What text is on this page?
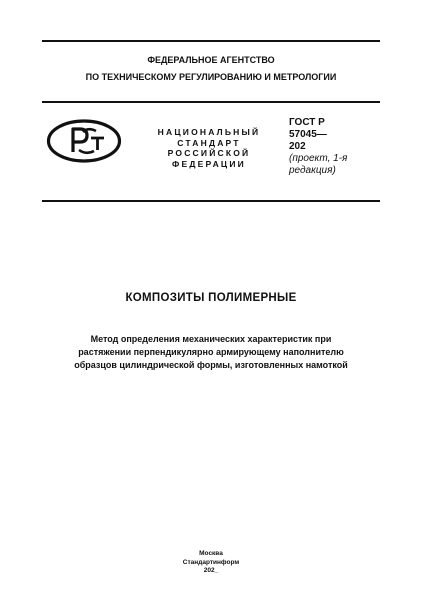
ФЕДЕРАЛЬНОЕ АГЕНТСТВО
ПО ТЕХНИЧЕСКОМУ РЕГУЛИРОВАНИЮ И МЕТРОЛОГИИ
НАЦИОНАЛЬНЫЙ
СТАНДАРТ
РОССИЙСКОЙ
ФЕДЕРАЦИИ
ГОСТ Р
57045—
202
(проект, 1-я
редакция)
КОМПОЗИТЫ ПОЛИМЕРНЫЕ
Метод определения механических характеристик при
растяжении перпендикулярно армирующему наполнителю
образцов цилиндрической формы, изготовленных намоткой
Москва
Стандартинформ
202_
